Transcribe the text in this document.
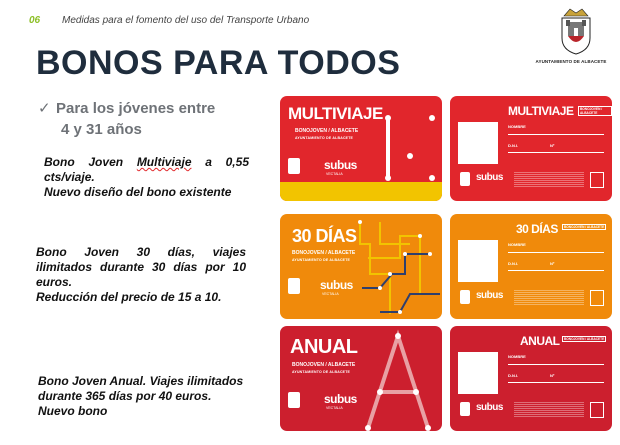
06 Medidas para el fomento del uso del Transporte Urbano
AYUNTAMIENTO DE ALBACETE
BONOS PARA TODOS
✓ Para los jóvenes entre
4 y 31 años
Bono Joven Multiviaje a 0,55
cts/viaje.
Nuevo diseño del bono existente
Bono Joven 30 días, viajes
ilimitados durante 30 días por 10
euros.
Reducción del precio de 15 a 10.
Bono Joven Anual. Viajes ilimitados
durante 365 días por 40 euros.
Nuevo bono
MULTIVIAJE
BONOJOVEN / ALBACETE
AYUNTAMIENTO DE ALBACETE
subus
VECTALIA
MULTIVIAJE	BONOJOVEN / ALBACETE
NOMBRE
D.N.I.	Nº
subus
30 DÍAS
BONOJOVEN / ALBACETE
AYUNTAMIENTO DE ALBACETE
subus
VECTALIA
30 DÍAS	BONOJOVEN / ALBACETE
NOMBRE
D.N.I.	Nº
subus
ANUAL
BONOJOVEN / ALBACETE
AYUNTAMIENTO DE ALBACETE
subus
VECTALIA
ANUAL	BONOJOVEN / ALBACETE
NOMBRE
D.N.I.	Nº
subus
